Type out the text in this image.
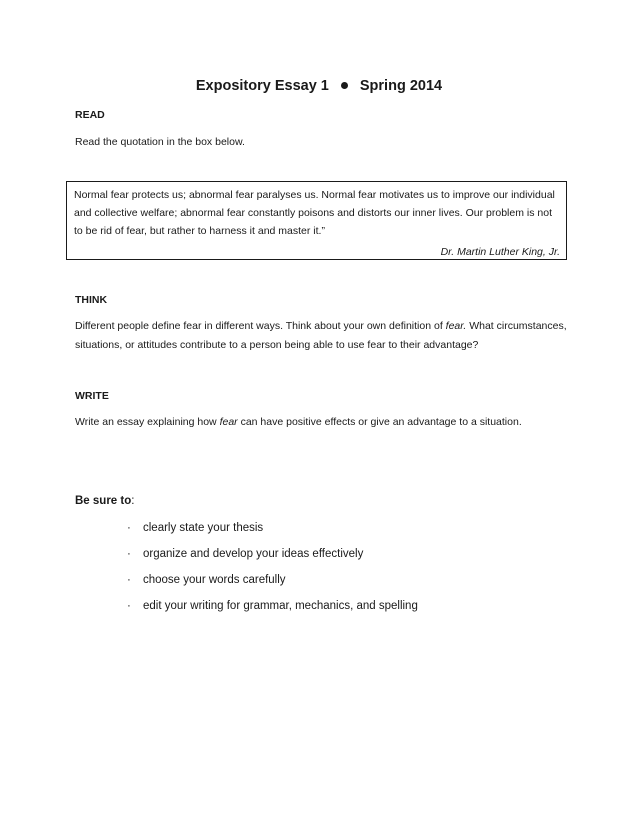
Expository Essay 1 Spring 2014

READ

Read the quotation in the box below.

Normal fear protects us; abnormal fear paralyses us. Normal fear motivates us to improve our individual and collective welfare; abnormal fear constantly poisons and distorts our inner lives. Our problem is not to be rid of fear, but rather to harness it and master it.”

Dr. Martin Luther King, Jr.

THINK

Different people define fear in different ways. Think about your own definition of fear. What circumstances, situations, or attitudes contribute to a person being able to use fear to their advantage?

WRITE

Write an essay explaining how fear can have positive effects or give an advantage to a situation.

Be sure to:

· clearly state your thesis
· organize and develop your ideas effectively
· choose your words carefully
· edit your writing for grammar, mechanics, and spelling
